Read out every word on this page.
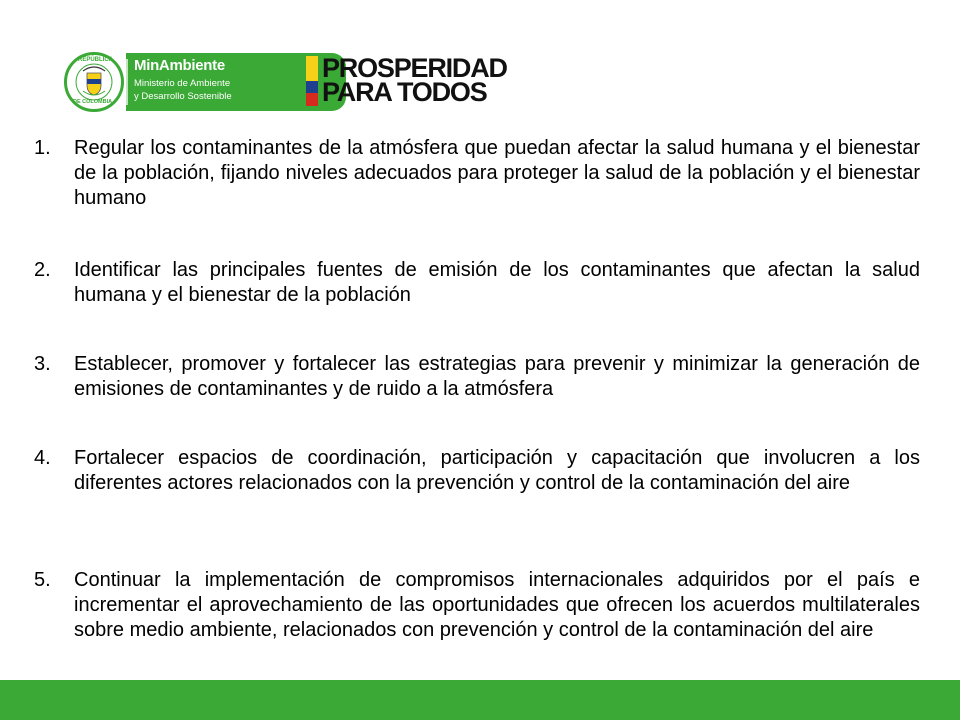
REPÚBLICA
DE COLOMBIA
MinAmbiente
Ministerio de Ambiente
y Desarrollo Sostenible
PROSPERIDAD
PARA TODOS
1. Regular los contaminantes de la atmósfera que puedan afectar la salud humana y el bienestar de la población, fijando niveles adecuados para proteger la salud de la población y el bienestar humano
2. Identificar las principales fuentes de emisión de los contaminantes que afectan la salud humana y el bienestar de la población
3. Establecer, promover y fortalecer las estrategias para prevenir y minimizar la generación de emisiones de contaminantes y de ruido a la atmósfera
4. Fortalecer espacios de coordinación, participación y capacitación que involucren a los diferentes actores relacionados con la prevención y control de la contaminación del aire
5. Continuar la implementación de compromisos internacionales adquiridos por el país e incrementar el aprovechamiento de las oportunidades que ofrecen los acuerdos multilaterales sobre medio ambiente, relacionados con prevención y control de la contaminación del aire
